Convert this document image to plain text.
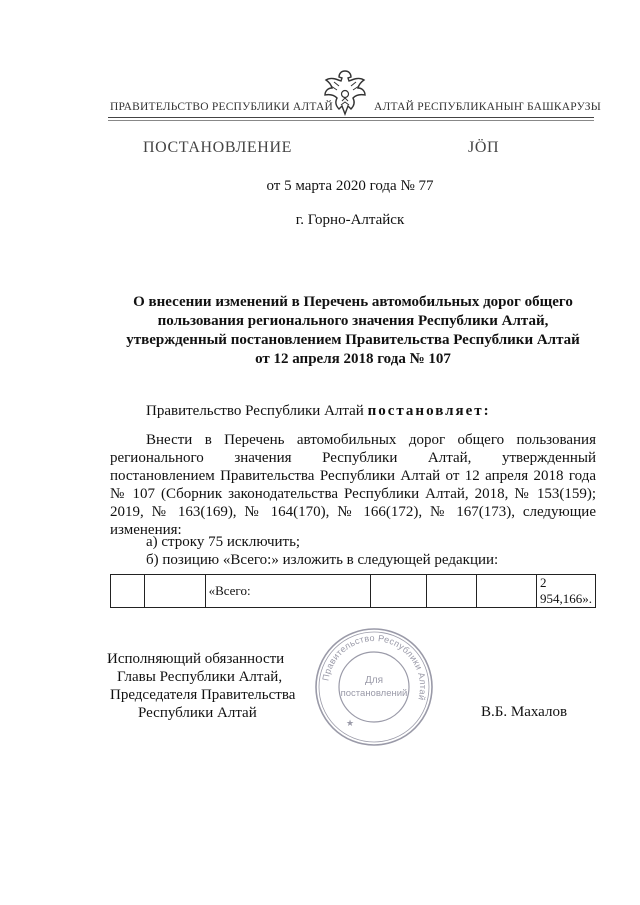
ПРАВИТЕЛЬСТВО РЕСПУБЛИКИ АЛТАЙ	АЛТАЙ РЕСПУБЛИКАНЫҤ БАШКАРУЗЫ
ПОСТАНОВЛЕНИЕ	ЈÖП
от 5 марта 2020 года № 77
г. Горно-Алтайск
О внесении изменений в Перечень автомобильных дорог общего
пользования регионального значения Республики Алтай,
утвержденный постановлением Правительства Республики Алтай
от 12 апреля 2018 года № 107
Правительство Республики Алтай постановляет:
Внести в Перечень автомобильных дорог общего пользования регионального значения Республики Алтай, утвержденный постановлением Правительства Республики Алтай от 12 апреля 2018 года № 107 (Сборник законодательства Республики Алтай, 2018, № 153(159); 2019, № 163(169), № 164(170), № 166(172), № 167(173), следующие изменения:
а) строку 75 исключить;
б) позицию «Всего:» изложить в следующей редакции:
		«Всего:				2 954,166».
Исполняющий обязанности
Главы Республики Алтай,
Председателя Правительства
Республики Алтай	В.Б. Махалов
Правительство Республики Алтай
Для
постановлений
★
